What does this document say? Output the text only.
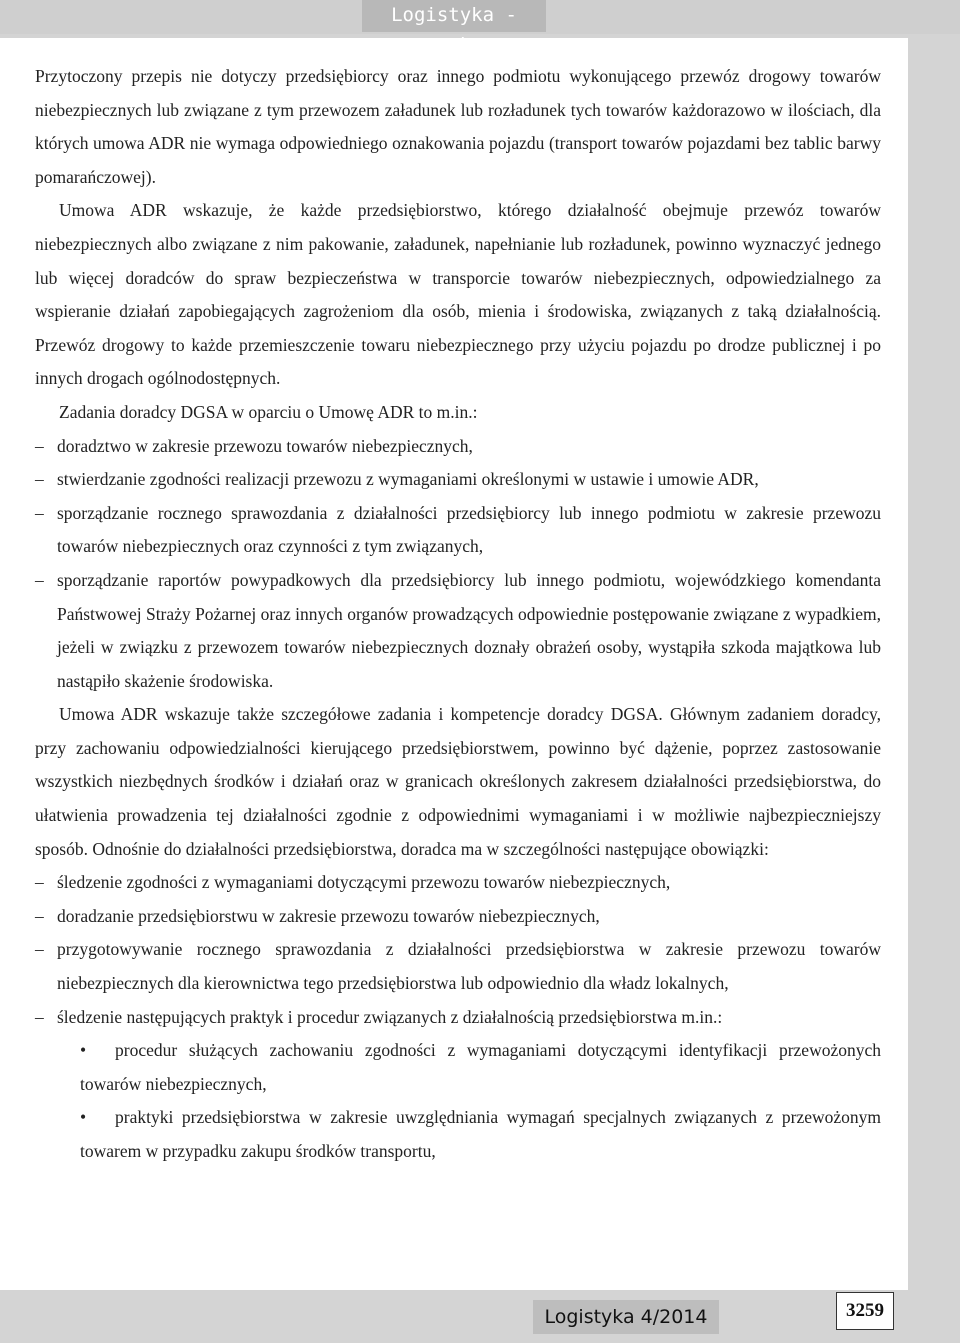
Logistyka -

Przytoczony przepis nie dotyczy przedsiębiorcy oraz innego podmiotu wykonującego przewóz drogowy towarów niebezpiecznych lub związane z tym przewozem załadunek lub rozładunek tych towarów każdorazowo w ilościach, dla których umowa ADR nie wymaga odpowiedniego oznakowania pojazdu (transport towarów pojazdami bez tablic barwy pomarańczowej).

Umowa ADR wskazuje, że każde przedsiębiorstwo, którego działalność obejmuje przewóz towarów niebezpiecznych albo związane z nim pakowanie, załadunek, napełnianie lub rozładunek, powinno wyznaczyć jednego lub więcej doradców do spraw bezpieczeństwa w transporcie towarów niebezpiecznych, odpowiedzialnego za wspieranie działań zapobiegających zagrożeniom dla osób, mienia i środowiska, związanych z taką działalnością. Przewóz drogowy to każde przemieszczenie towaru niebezpiecznego przy użyciu pojazdu po drodze publicznej i po innych drogach ogólnodostępnych.

Zadania doradcy DGSA w oparciu o Umowę ADR to m.in.:

– doradztwo w zakresie przewozu towarów niebezpiecznych,
– stwierdzanie zgodności realizacji przewozu z wymaganiami określonymi w ustawie i umowie ADR,
– sporządzanie rocznego sprawozdania z działalności przedsiębiorcy lub innego podmiotu w zakresie przewozu towarów niebezpiecznych oraz czynności z tym związanych,
– sporządzanie raportów powypadkowych dla przedsiębiorcy lub innego podmiotu, wojewódzkiego komendanta Państwowej Straży Pożarnej oraz innych organów prowadzących odpowiednie postępowanie związane z wypadkiem, jeżeli w związku z przewozem towarów niebezpiecznych doznały obrażeń osoby, wystąpiła szkoda majątkowa lub nastąpiło skażenie środowiska.

Umowa ADR wskazuje także szczegółowe zadania i kompetencje doradcy DGSA. Głównym zadaniem doradcy, przy zachowaniu odpowiedzialności kierującego przedsiębiorstwem, powinno być dążenie, poprzez zastosowanie wszystkich niezbędnych środków i działań oraz w granicach określonych zakresem działalności przedsiębiorstwa, do ułatwienia prowadzenia tej działalności zgodnie z odpowiednimi wymaganiami i w możliwie najbezpieczniejszy sposób. Odnośnie do działalności przedsiębiorstwa, doradca ma w szczególności następujące obowiązki:

– śledzenie zgodności z wymaganiami dotyczącymi przewozu towarów niebezpiecznych,
– doradzanie przedsiębiorstwu w zakresie przewozu towarów niebezpiecznych,
– przygotowywanie rocznego sprawozdania z działalności przedsiębiorstwa w zakresie przewozu towarów niebezpiecznych dla kierownictwa tego przedsiębiorstwa lub odpowiednio dla władz lokalnych,
– śledzenie następujących praktyk i procedur związanych z działalnością przedsiębiorstwa m.in.:
• procedur służących zachowaniu zgodności z wymaganiami dotyczącymi identyfikacji przewożonych towarów niebezpiecznych,
• praktyki przedsiębiorstwa w zakresie uwzględniania wymagań specjalnych związanych z przewożonym towarem w przypadku zakupu środków transportu,
Logistyka 4/2014	3259
